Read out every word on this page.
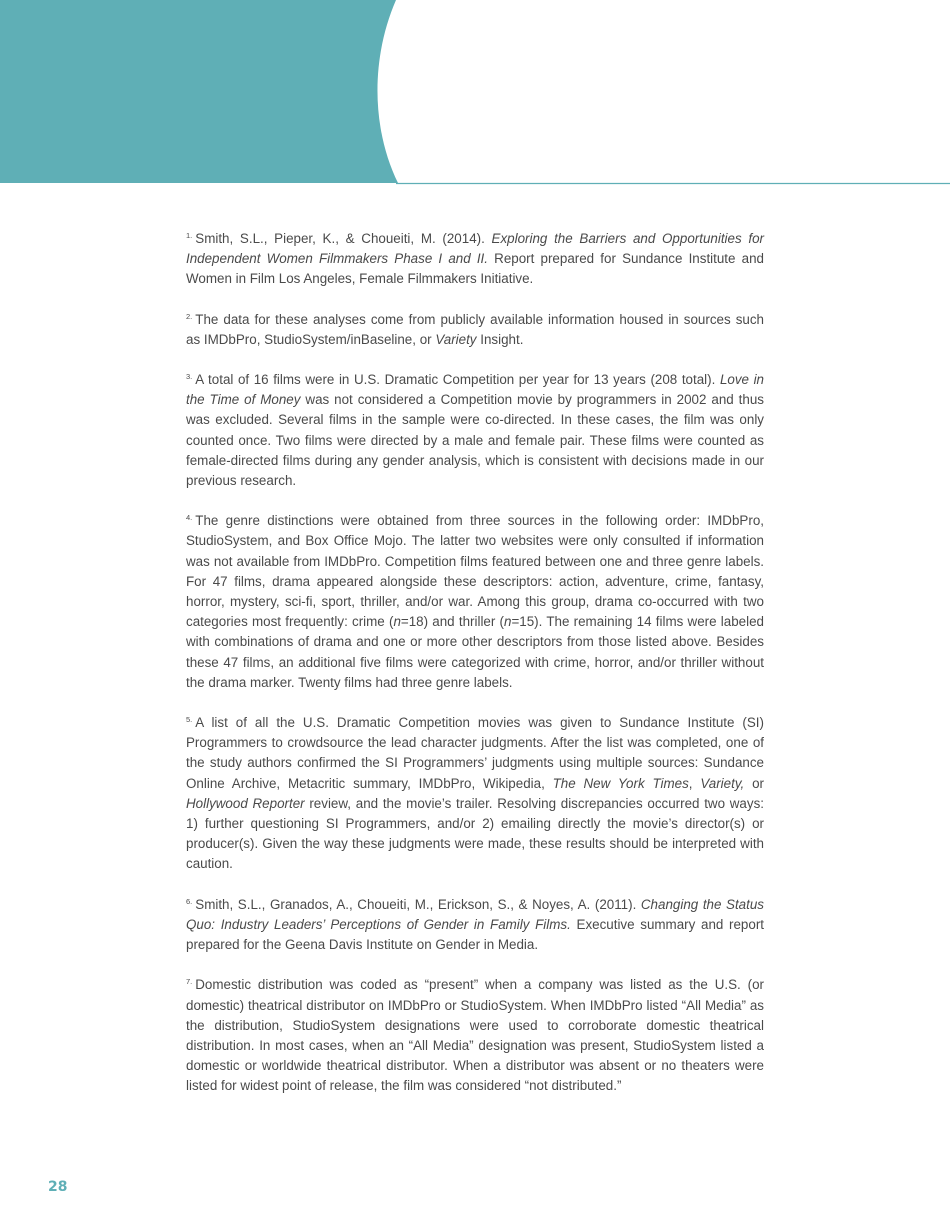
$^{1.}$ Smith, S.L., Pieper, K., & Choueiti, M. (2014). Exploring the Barriers and Opportunities for Independent Women Filmmakers Phase I and II. Report prepared for Sundance Institute and Women in Film Los Angeles, Female Filmmakers Initiative.

$^{2.}$ The data for these analyses come from publicly available information housed in sources such as IMDbPro, StudioSystem/inBaseline, or Variety Insight.

$^{3.}$ A total of 16 films were in U.S. Dramatic Competition per year for 13 years (208 total). Love in the Time of Money was not considered a Competition movie by programmers in 2002 and thus was excluded. Several films in the sample were co-directed. In these cases, the film was only counted once. Two films were directed by a male and female pair. These films were counted as female-directed films during any gender analysis, which is consistent with decisions made in our previous research.

$^{4.}$ The genre distinctions were obtained from three sources in the following order: IMDbPro, StudioSystem, and Box Office Mojo. The latter two websites were only consulted if information was not available from IMDbPro. Competition films featured between one and three genre labels. For 47 films, drama appeared alongside these descriptors: action, adventure, crime, fantasy, horror, mystery, sci-fi, sport, thriller, and/or war. Among this group, drama co-occurred with two categories most frequently: crime (n=18) and thriller (n=15). The remaining 14 films were labeled with combinations of drama and one or more other descriptors from those listed above. Besides these 47 films, an additional five films were categorized with crime, horror, and/or thriller without the drama marker. Twenty films had three genre labels.

$^{5.}$ A list of all the U.S. Dramatic Competition movies was given to Sundance Institute (SI) Programmers to crowdsource the lead character judgments. After the list was completed, one of the study authors confirmed the SI Programmers’ judgments using multiple sources: Sundance Online Archive, Metacritic summary, IMDbPro, Wikipedia, The New York Times, Variety, or Hollywood Reporter review, and the movie’s trailer. Resolving discrepancies occurred two ways: 1) further questioning SI Programmers, and/or 2) emailing directly the movie’s director(s) or producer(s). Given the way these judgments were made, these results should be interpreted with caution.

$^{6.}$ Smith, S.L., Granados, A., Choueiti, M., Erickson, S., & Noyes, A. (2011). Changing the Status Quo: Industry Leaders’ Perceptions of Gender in Family Films. Executive summary and report prepared for the Geena Davis Institute on Gender in Media.

$^{7.}$ Domestic distribution was coded as “present” when a company was listed as the U.S. (or domestic) theatrical distributor on IMDbPro or StudioSystem. When IMDbPro listed “All Media” as the distribution, StudioSystem designations were used to corroborate domestic theatrical distribution. In most cases, when an “All Media” designation was present, StudioSystem listed a domestic or worldwide theatrical distributor. When a distributor was absent or no theaters were listed for widest point of release, the film was considered “not distributed.”

28
